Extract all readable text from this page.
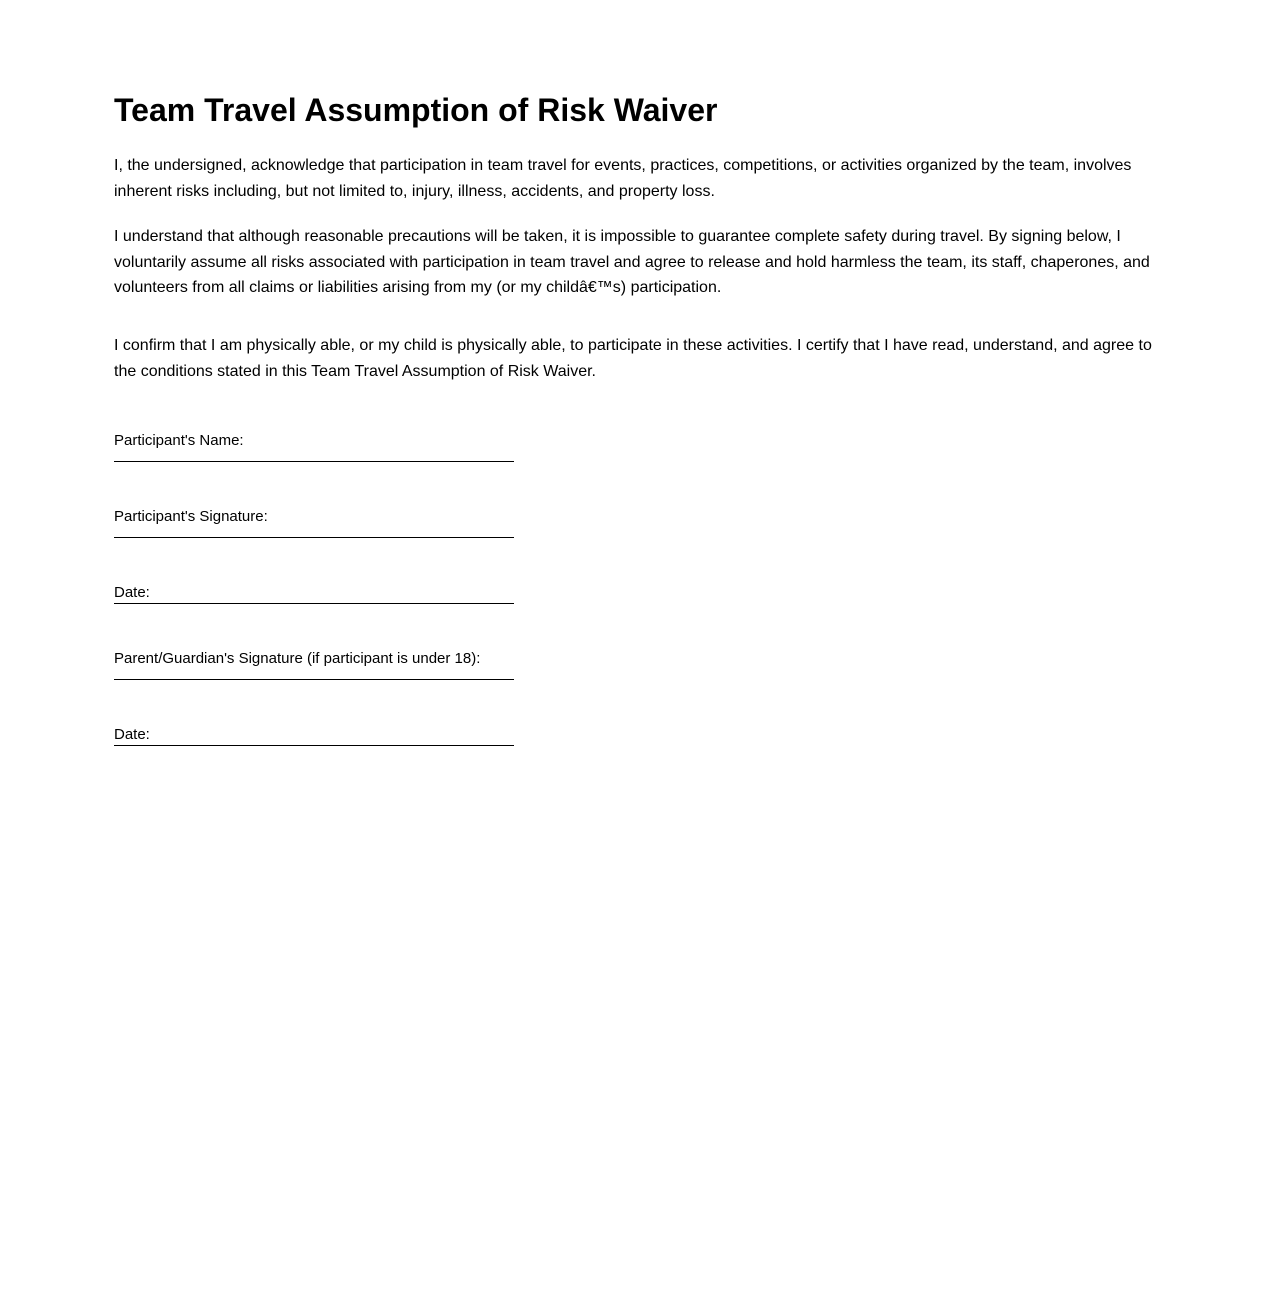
Team Travel Assumption of Risk Waiver

I, the undersigned, acknowledge that participation in team travel for events, practices, competitions, or activities organized by the team, involves inherent risks including, but not limited to, injury, illness, accidents, and property loss.

I understand that although reasonable precautions will be taken, it is impossible to guarantee complete safety during travel. By signing below, I voluntarily assume all risks associated with participation in team travel and agree to release and hold harmless the team, its staff, chaperones, and volunteers from all claims or liabilities arising from my (or my childâ€™s) participation.

I confirm that I am physically able, or my child is physically able, to participate in these activities. I certify that I have read, understand, and agree to the conditions stated in this Team Travel Assumption of Risk Waiver.

Participant's Name:
Participant's Signature:
Date:
Parent/Guardian's Signature (if participant is under 18):
Date:
